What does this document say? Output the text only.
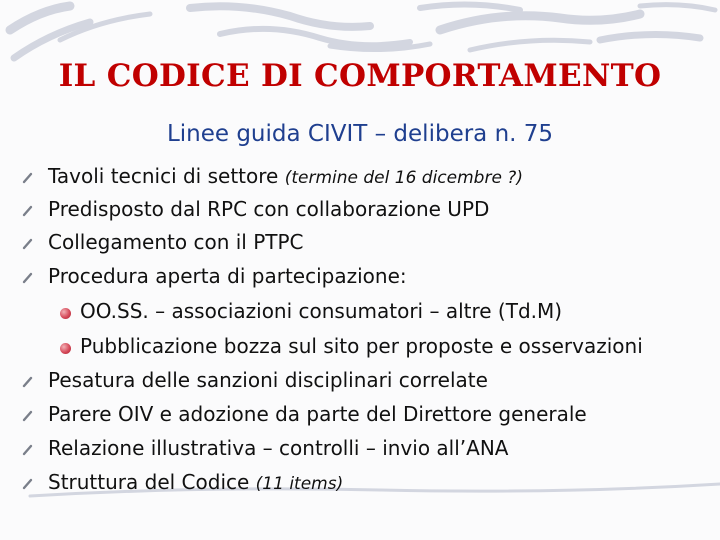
IL CODICE DI COMPORTAMENTO
Linee guida CIVIT – delibera n. 75
Tavoli tecnici di settore (termine del 16 dicembre ?)
Predisposto dal RPC con collaborazione UPD
Collegamento con il PTPC
Procedura aperta di partecipazione:
OO.SS. – associazioni consumatori – altre (Td.M)
Pubblicazione bozza sul sito per proposte e osservazioni
Pesatura delle sanzioni disciplinari correlate
Parere OIV e adozione da parte del Direttore generale
Relazione illustrativa – controlli – invio all’ANA
Struttura del Codice (11 items)
